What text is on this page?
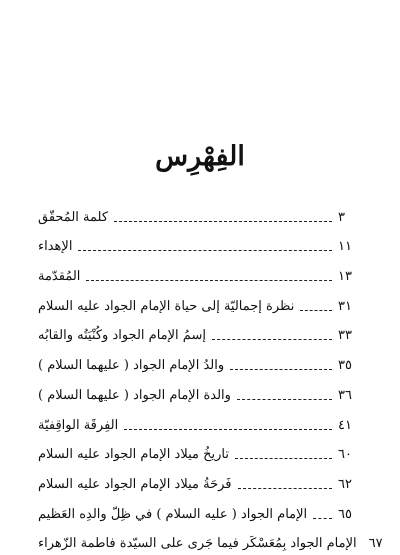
الفِهْرِس
كلمة المُحقّق	٣
الإهداء	١١
المُقدّمة	١٣
نظرة إجماليّة إلى حياة الإمام الجواد عليه السلام	٣١
إسمُ الإمام الجواد وكُنْيَتُه والقابُه	٣٣
والدُ الإمام الجواد ( عليهما السلام )	٣٥
والدة الإمام الجواد ( عليهما السلام )	٣٦
الفِرقَة الواقِفيّة	٤١
تاريخُ ميلاد الإمام الجواد عليه السلام	٦٠
فَرحَةُ ميلاد الإمام الجواد عليه السلام	٦٢
الإمام الجواد ( عليه السلام ) في ظِلّ والدِه العَظيم ٦٥
الإمام الجواد بِمُعَسْكَر فيما جَرى على السيّدة فاطمة الزّهراء ٦٧
